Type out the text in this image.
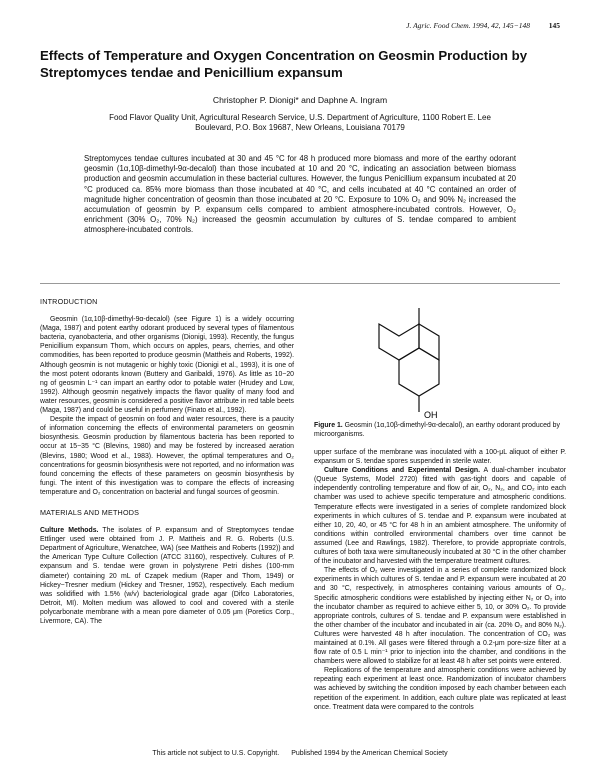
J. Agric. Food Chem. 1994, 42, 145−148	145
Effects of Temperature and Oxygen Concentration on Geosmin Production by Streptomyces tendae and Penicillium expansum
Christopher P. Dionigi* and Daphne A. Ingram
Food Flavor Quality Unit, Agricultural Research Service, U.S. Department of Agriculture, 1100 Robert E. Lee
Boulevard, P.O. Box 19687, New Orleans, Louisiana 70179
Streptomyces tendae cultures incubated at 30 and 45 °C for 48 h produced more biomass and more of the earthy odorant geosmin (1α,10β-dimethyl-9α-decalol) than those incubated at 10 and 20 °C, indicating an association between biomass production and geosmin accumulation in these bacterial cultures. However, the fungus Penicillium expansum incubated at 20 °C produced ca. 85% more biomass than those incubated at 40 °C, and cells incubated at 40 °C contained an order of magnitude higher concentration of geosmin than those incubated at 20 °C. Exposure to 10% O₂ and 90% N₂ increased the accumulation of geosmin by P. expansum cells compared to ambient atmosphere-incubated controls. However, O₂ enrichment (30% O₂, 70% N₂) increased the geosmin accumulation by cultures of S. tendae compared to ambient atmosphere-incubated controls.
INTRODUCTION

Geosmin (1α,10β-dimethyl-9α-decalol) (see Figure 1) is a widely occurring (Maga, 1987) and potent earthy odorant produced by several types of filamentous bacteria, cyanobacteria, and other organisms (Dionigi, 1993). Recently, the fungus Penicillium expansum Thom, which occurs on apples, pears, cherries, and other commodities, has been reported to produce geosmin (Mattheis and Roberts, 1992). Although geosmin is not mutagenic or highly toxic (Dionigi et al., 1993), it is one of the most potent odorants known (Buttery and Garibaldi, 1976). As little as 10−20 ng of geosmin L⁻¹ can impart an earthy odor to potable water (Hrudey and Low, 1992). Although geosmin negatively impacts the flavor quality of many food and water resources, geosmin is considered a positive flavor attribute in red table beets (Maga, 1987) and could be useful in perfumery (Finato et al., 1992).

Despite the impact of geosmin on food and water resources, there is a paucity of information concerning the effects of environmental parameters on geosmin biosynthesis. Geosmin production by filamentous bacteria has been reported to occur at 15−35 °C (Blevins, 1980) and may be fostered by increased aeration (Blevins, 1980; Wood et al., 1983). However, the optimal temperatures and O₂ concentrations for geosmin biosynthesis were not reported, and no information was found concerning the effects of these parameters on geosmin biosynthesis by fungi. The intent of this investigation was to compare the effects of increasing temperature and O₂ concentration on bacterial and fungal sources of geosmin.

MATERIALS AND METHODS

Culture Methods. The isolates of P. expansum and of Streptomyces tendae Ettlinger used were obtained from J. P. Mattheis and R. G. Roberts (U.S. Department of Agriculture, Wenatchee, WA) (see Mattheis and Roberts (1992)) and the American Type Culture Collection (ATCC 31160), respectively. Cultures of P. expansum and S. tendae were grown in polystyrene Petri dishes (100-mm diameter) containing 20 mL of Czapek medium (Raper and Thom, 1949) or Hickey−Tresner medium (Hickey and Tresner, 1952), respectively. Each medium was solidified with 1.5% (w/v) bacteriological grade agar (Difco Laboratories, Detroit, MI). Molten medium was allowed to cool and covered with a sterile polycarbonate membrane with a mean pore diameter of 0.05 μm (Poretics Corp., Livermore, CA). The

OH
Figure 1. Geosmin (1α,10β-dimethyl-9α-decalol), an earthy odorant produced by microorganisms.

upper surface of the membrane was inoculated with a 100-μL aliquot of either P. expansum or S. tendae spores suspended in sterile water.

Culture Conditions and Experimental Design. A dual-chamber incubator (Queue Systems, Model 2720) fitted with gas-tight doors and capable of independently controlling temperature and flow of air, O₂, N₂, and CO₂ into each chamber was used to achieve specific temperature and atmospheric conditions. Temperature effects were investigated in a series of complete randomized block experiments in which cultures of S. tendae and P. expansum were incubated at either 10, 20, 40, or 45 °C for 48 h in an ambient atmosphere. The uniformity of conditions within controlled environmental chambers over time cannot be assumed (Lee and Rawlings, 1982). Therefore, to provide appropriate controls, cultures of both taxa were simultaneously incubated at 30 °C in the other chamber of the incubator and harvested with the temperature treatment cultures.

The effects of O₂ were investigated in a series of complete randomized block experiments in which cultures of S. tendae and P. expansum were incubated at 20 and 30 °C, respectively, in atmospheres containing various amounts of O₂. Specific atmospheric conditions were established by injecting either N₂ or O₂ into the incubator chamber as required to achieve either 5, 10, or 30% O₂. To provide appropriate controls, cultures of S. tendae and P. expansum were established in the other chamber of the incubator and incubated in air (ca. 20% O₂ and 80% N₂). Cultures were harvested 48 h after inoculation. The concentration of CO₂ was maintained at 0.1%. All gases were filtered through a 0.2-μm pore-size filter at a flow rate of 0.5 L min⁻¹ prior to injection into the chamber, and conditions in the chambers were allowed to stabilize for at least 48 h after set points were entered.

Replications of the temperature and atmospheric conditions were achieved by repeating each experiment at least once. Randomization of incubator chambers was achieved by switching the condition imposed by each chamber between each repetition of the experiment. In addition, each culture plate was replicated at least once. Treatment data were compared to the controls

This article not subject to U.S. Copyright. Published 1994 by the American Chemical Society
